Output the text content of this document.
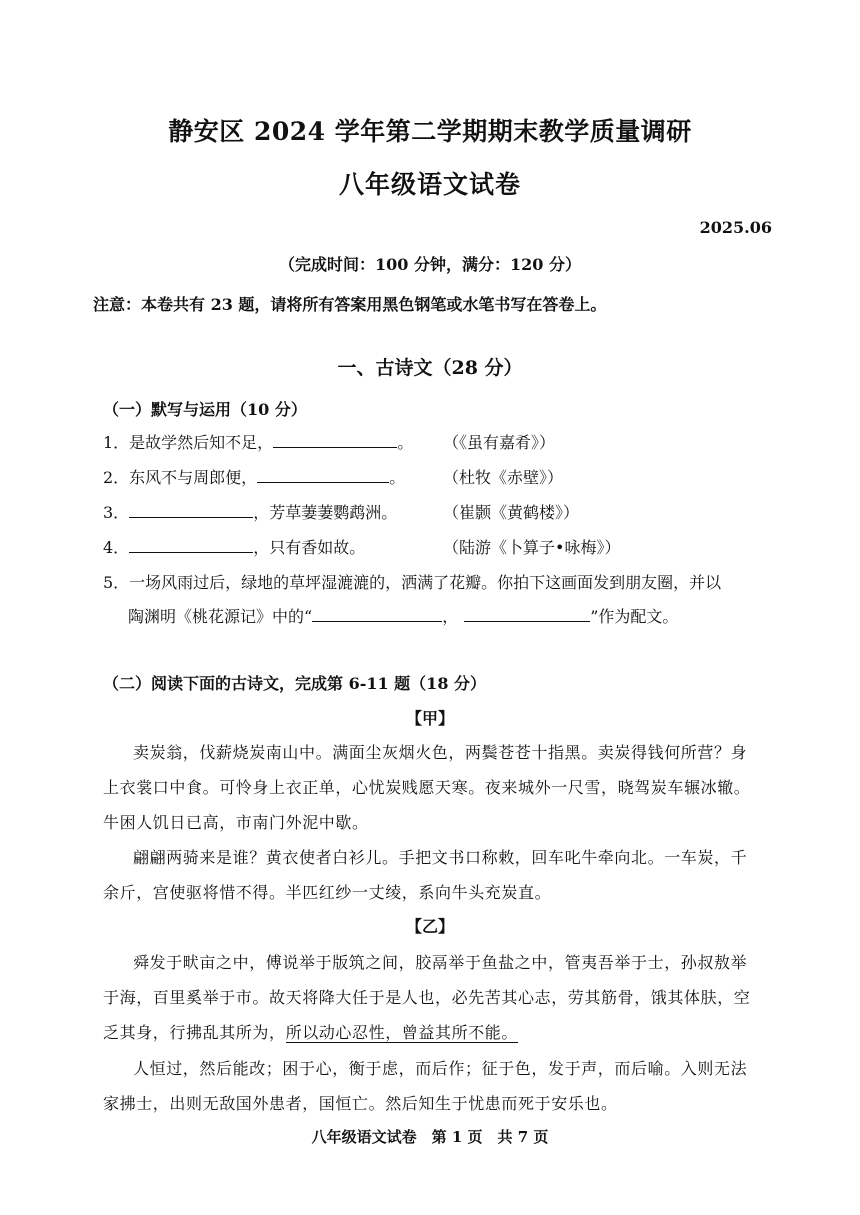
静安区 2024 学年第二学期期末教学质量调研
八年级语文试卷
2025.06
（完成时间：100 分钟，满分：120 分）
注意：本卷共有 23 题，请将所有答案用黑色钢笔或水笔书写在答卷上。
一、古诗文（28 分）
（一）默写与运用（10 分）
1．是故学然后知不足，	。 （《虽有嘉肴》）
2．东风不与周郎便，	。 （杜牧《赤壁》）
3．	，芳草萋萋鹦鹉洲。	（崔颢《黄鹤楼》）
4．	，只有香如故。	（陆游《卜算子•咏梅》）
5．一场风雨过后，绿地的草坪湿漉漉的，洒满了花瓣。你拍下这画面发到朋友圈，并以
陶渊明《桃花源记》中的“	，	”作为配文。
（二）阅读下面的古诗文，完成第 6-11 题（18 分）
【甲】
卖炭翁，伐薪烧炭南山中。满面尘灰烟火色，两鬓苍苍十指黑。卖炭得钱何所营？身
上衣裳口中食。可怜身上衣正单，心忧炭贱愿天寒。夜来城外一尺雪，晓驾炭车辗冰辙。
牛困人饥日已高，市南门外泥中歇。
翩翩两骑来是谁？黄衣使者白衫儿。手把文书口称敕，回车叱牛牵向北。一车炭，千
余斤，宫使驱将惜不得。半匹红纱一丈绫，系向牛头充炭直。
【乙】
舜发于畎亩之中，傅说举于版筑之间，胶鬲举于鱼盐之中，管夷吾举于士，孙叔敖举
于海，百里奚举于市。故天将降大任于是人也，必先苦其心志，劳其筋骨，饿其体肤，空
乏其身，行拂乱其所为，所以动心忍性，曾益其所不能。
人恒过，然后能改；困于心，衡于虑，而后作；征于色，发于声，而后喻。入则无法
家拂士，出则无敌国外患者，国恒亡。然后知生于忧患而死于安乐也。
八年级语文试卷　第 1 页　共 7 页
